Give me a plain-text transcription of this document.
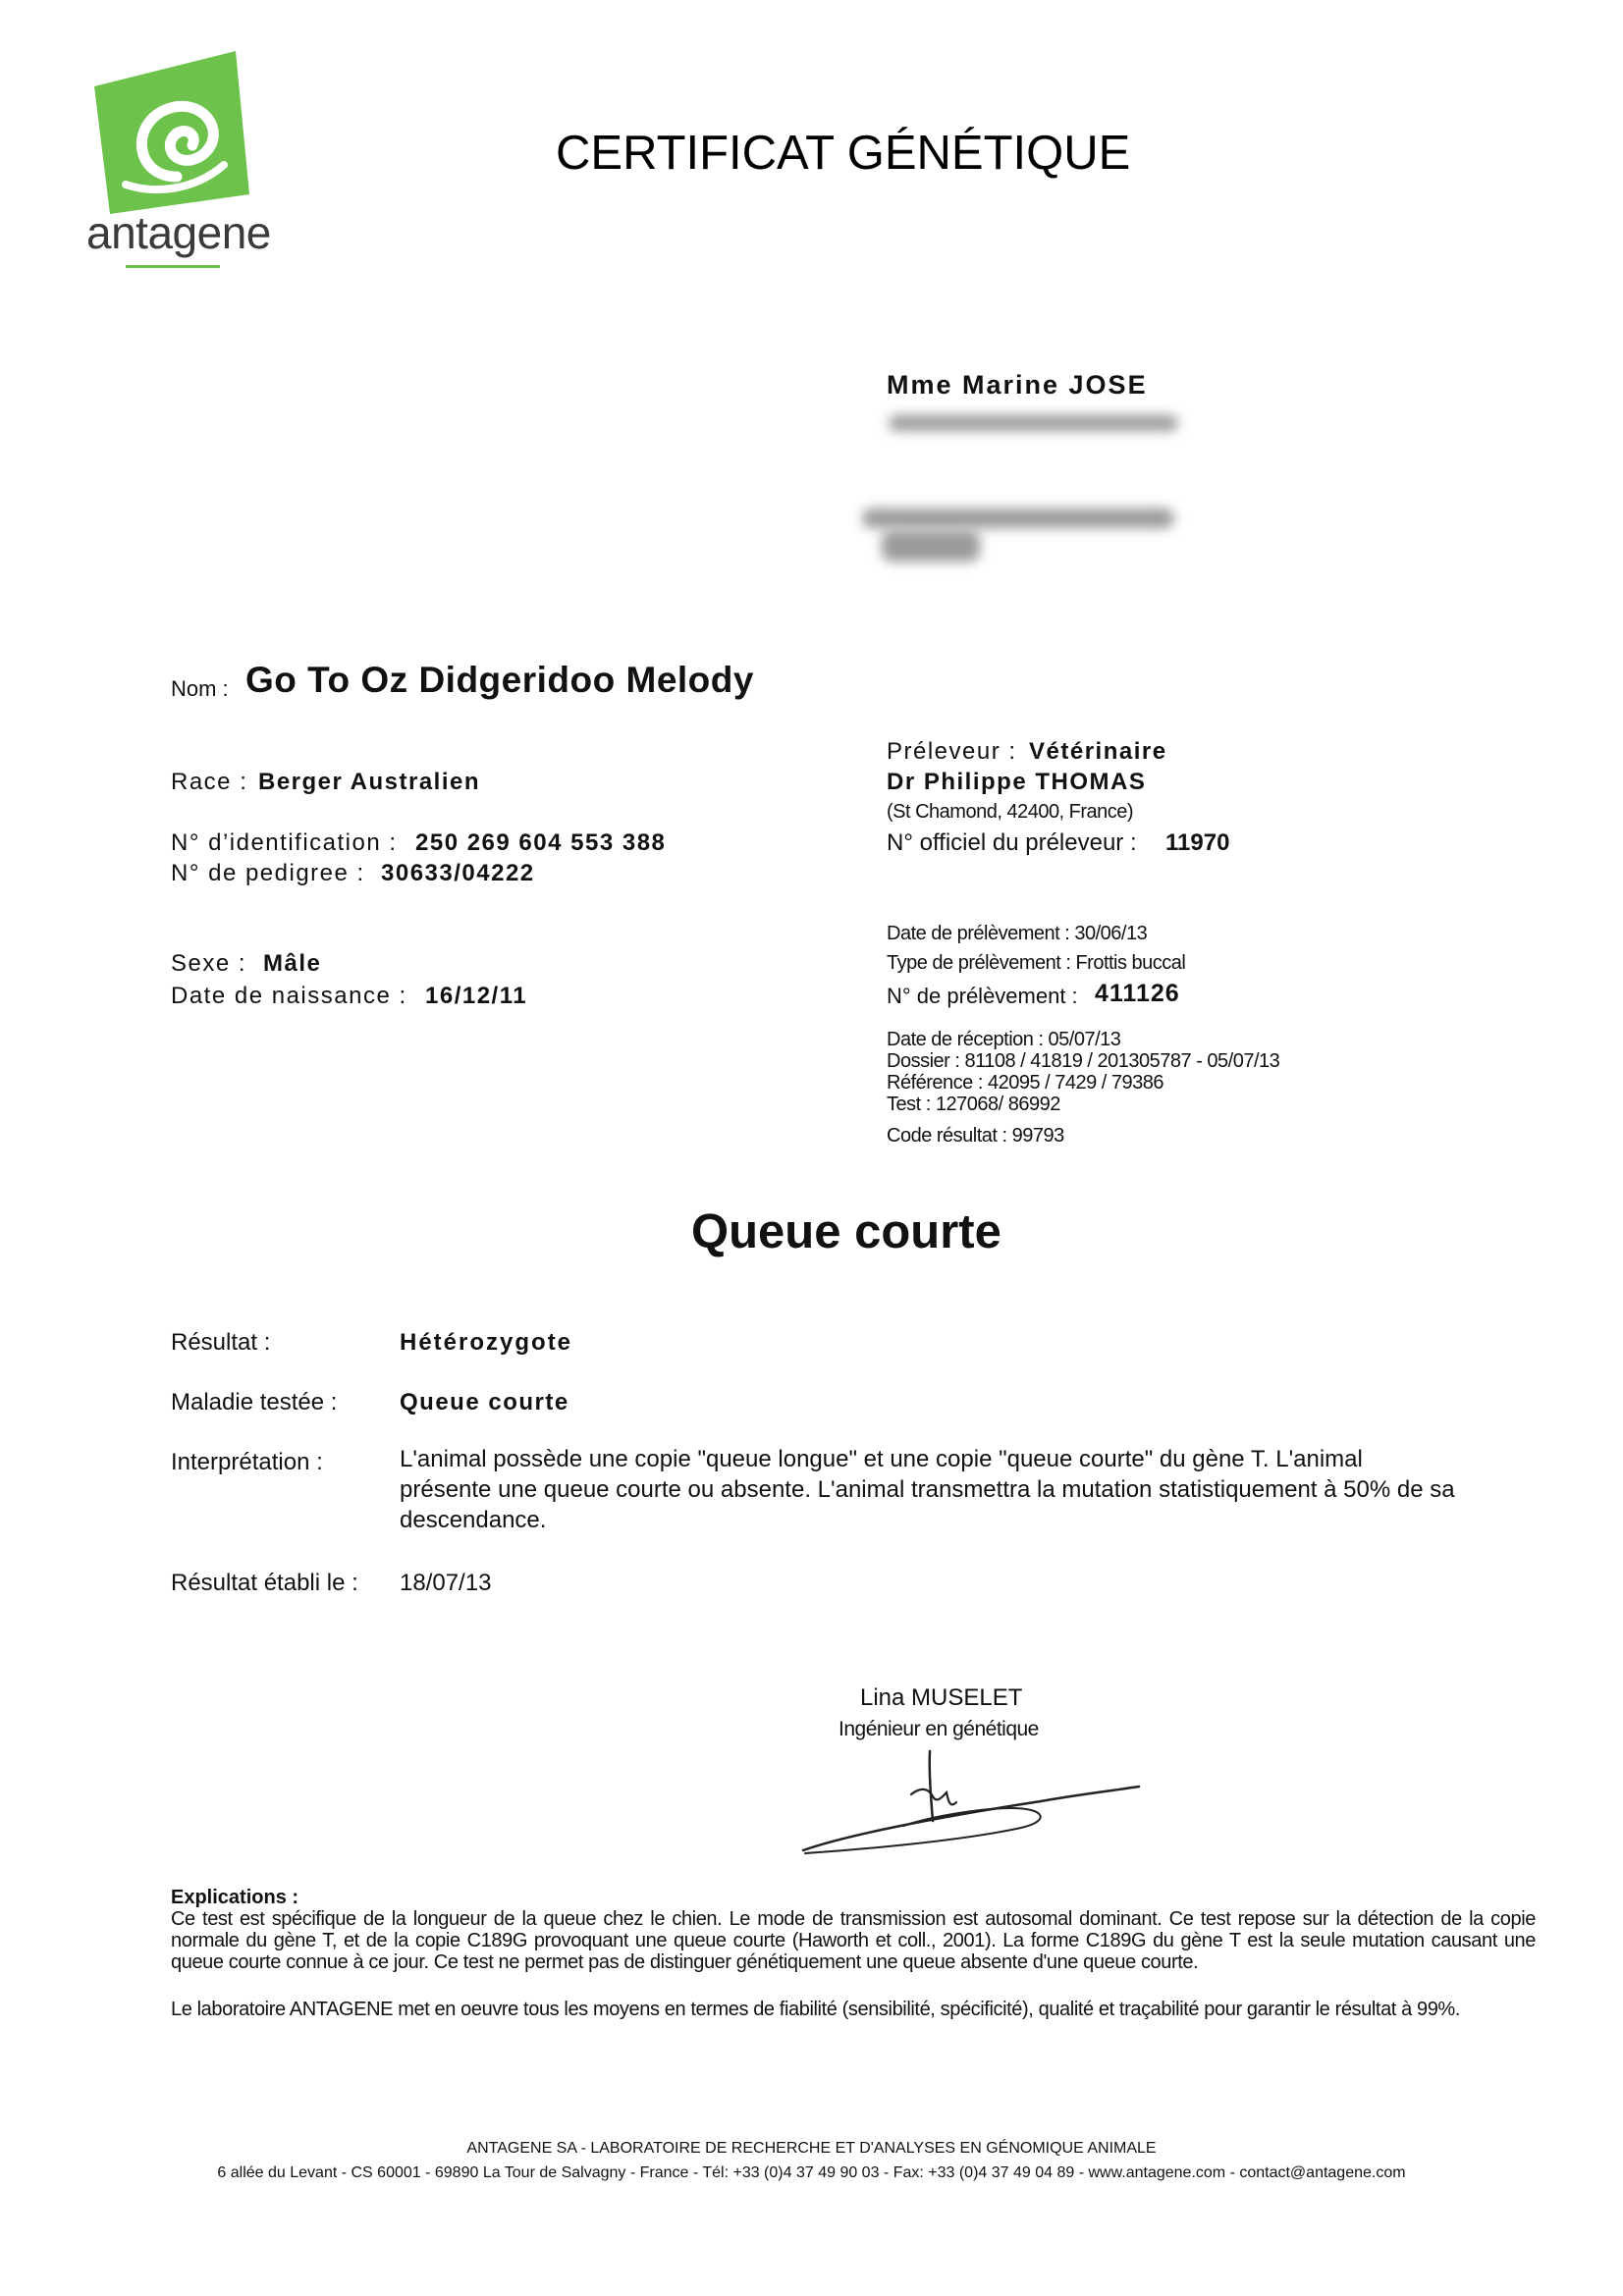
antagene
CERTIFICAT GÉNÉTIQUE
Mme Marine JOSE
Nom : Go To Oz Didgeridoo Melody
Race : Berger Australien
N° d’identification : 250 269 604 553 388
N° de pedigree : 30633/04222
Sexe : Mâle
Date de naissance : 16/12/11
Préleveur : Vétérinaire
Dr Philippe THOMAS
(St Chamond, 42400, France)
N° officiel du préleveur : 11970
Date de prélèvement : 30/06/13
Type de prélèvement : Frottis buccal
N° de prélèvement : 411126
Date de réception : 05/07/13
Dossier : 81108 / 41819 / 201305787 - 05/07/13
Référence : 42095 / 7429 / 79386
Test : 127068/ 86992
Code résultat : 99793
Queue courte
Résultat :	Hétérozygote
Maladie testée :	Queue courte
Interprétation :	L'animal possède une copie "queue longue" et une copie "queue courte" du gène T. L'animal présente une queue courte ou absente. L'animal transmettra la mutation statistiquement à 50% de sa descendance.
Résultat établi le : 18/07/13
Lina MUSELET
Ingénieur en génétique
Explications :
Ce test est spécifique de la longueur de la queue chez le chien. Le mode de transmission est autosomal dominant. Ce test repose sur la détection de la copie normale du gène T, et de la copie C189G provoquant une queue courte (Haworth et coll., 2001). La forme C189G du gène T est la seule mutation causant une queue courte connue à ce jour. Ce test ne permet pas de distinguer génétiquement une queue absente d'une queue courte.
Le laboratoire ANTAGENE met en oeuvre tous les moyens en termes de fiabilité (sensibilité, spécificité), qualité et traçabilité pour garantir le résultat à 99%.
ANTAGENE SA - LABORATOIRE DE RECHERCHE ET D'ANALYSES EN GÉNOMIQUE ANIMALE
6 allée du Levant - CS 60001 - 69890 La Tour de Salvagny - France - Tél: +33 (0)4 37 49 90 03 - Fax: +33 (0)4 37 49 04 89 - www.antagene.com - contact@antagene.com
